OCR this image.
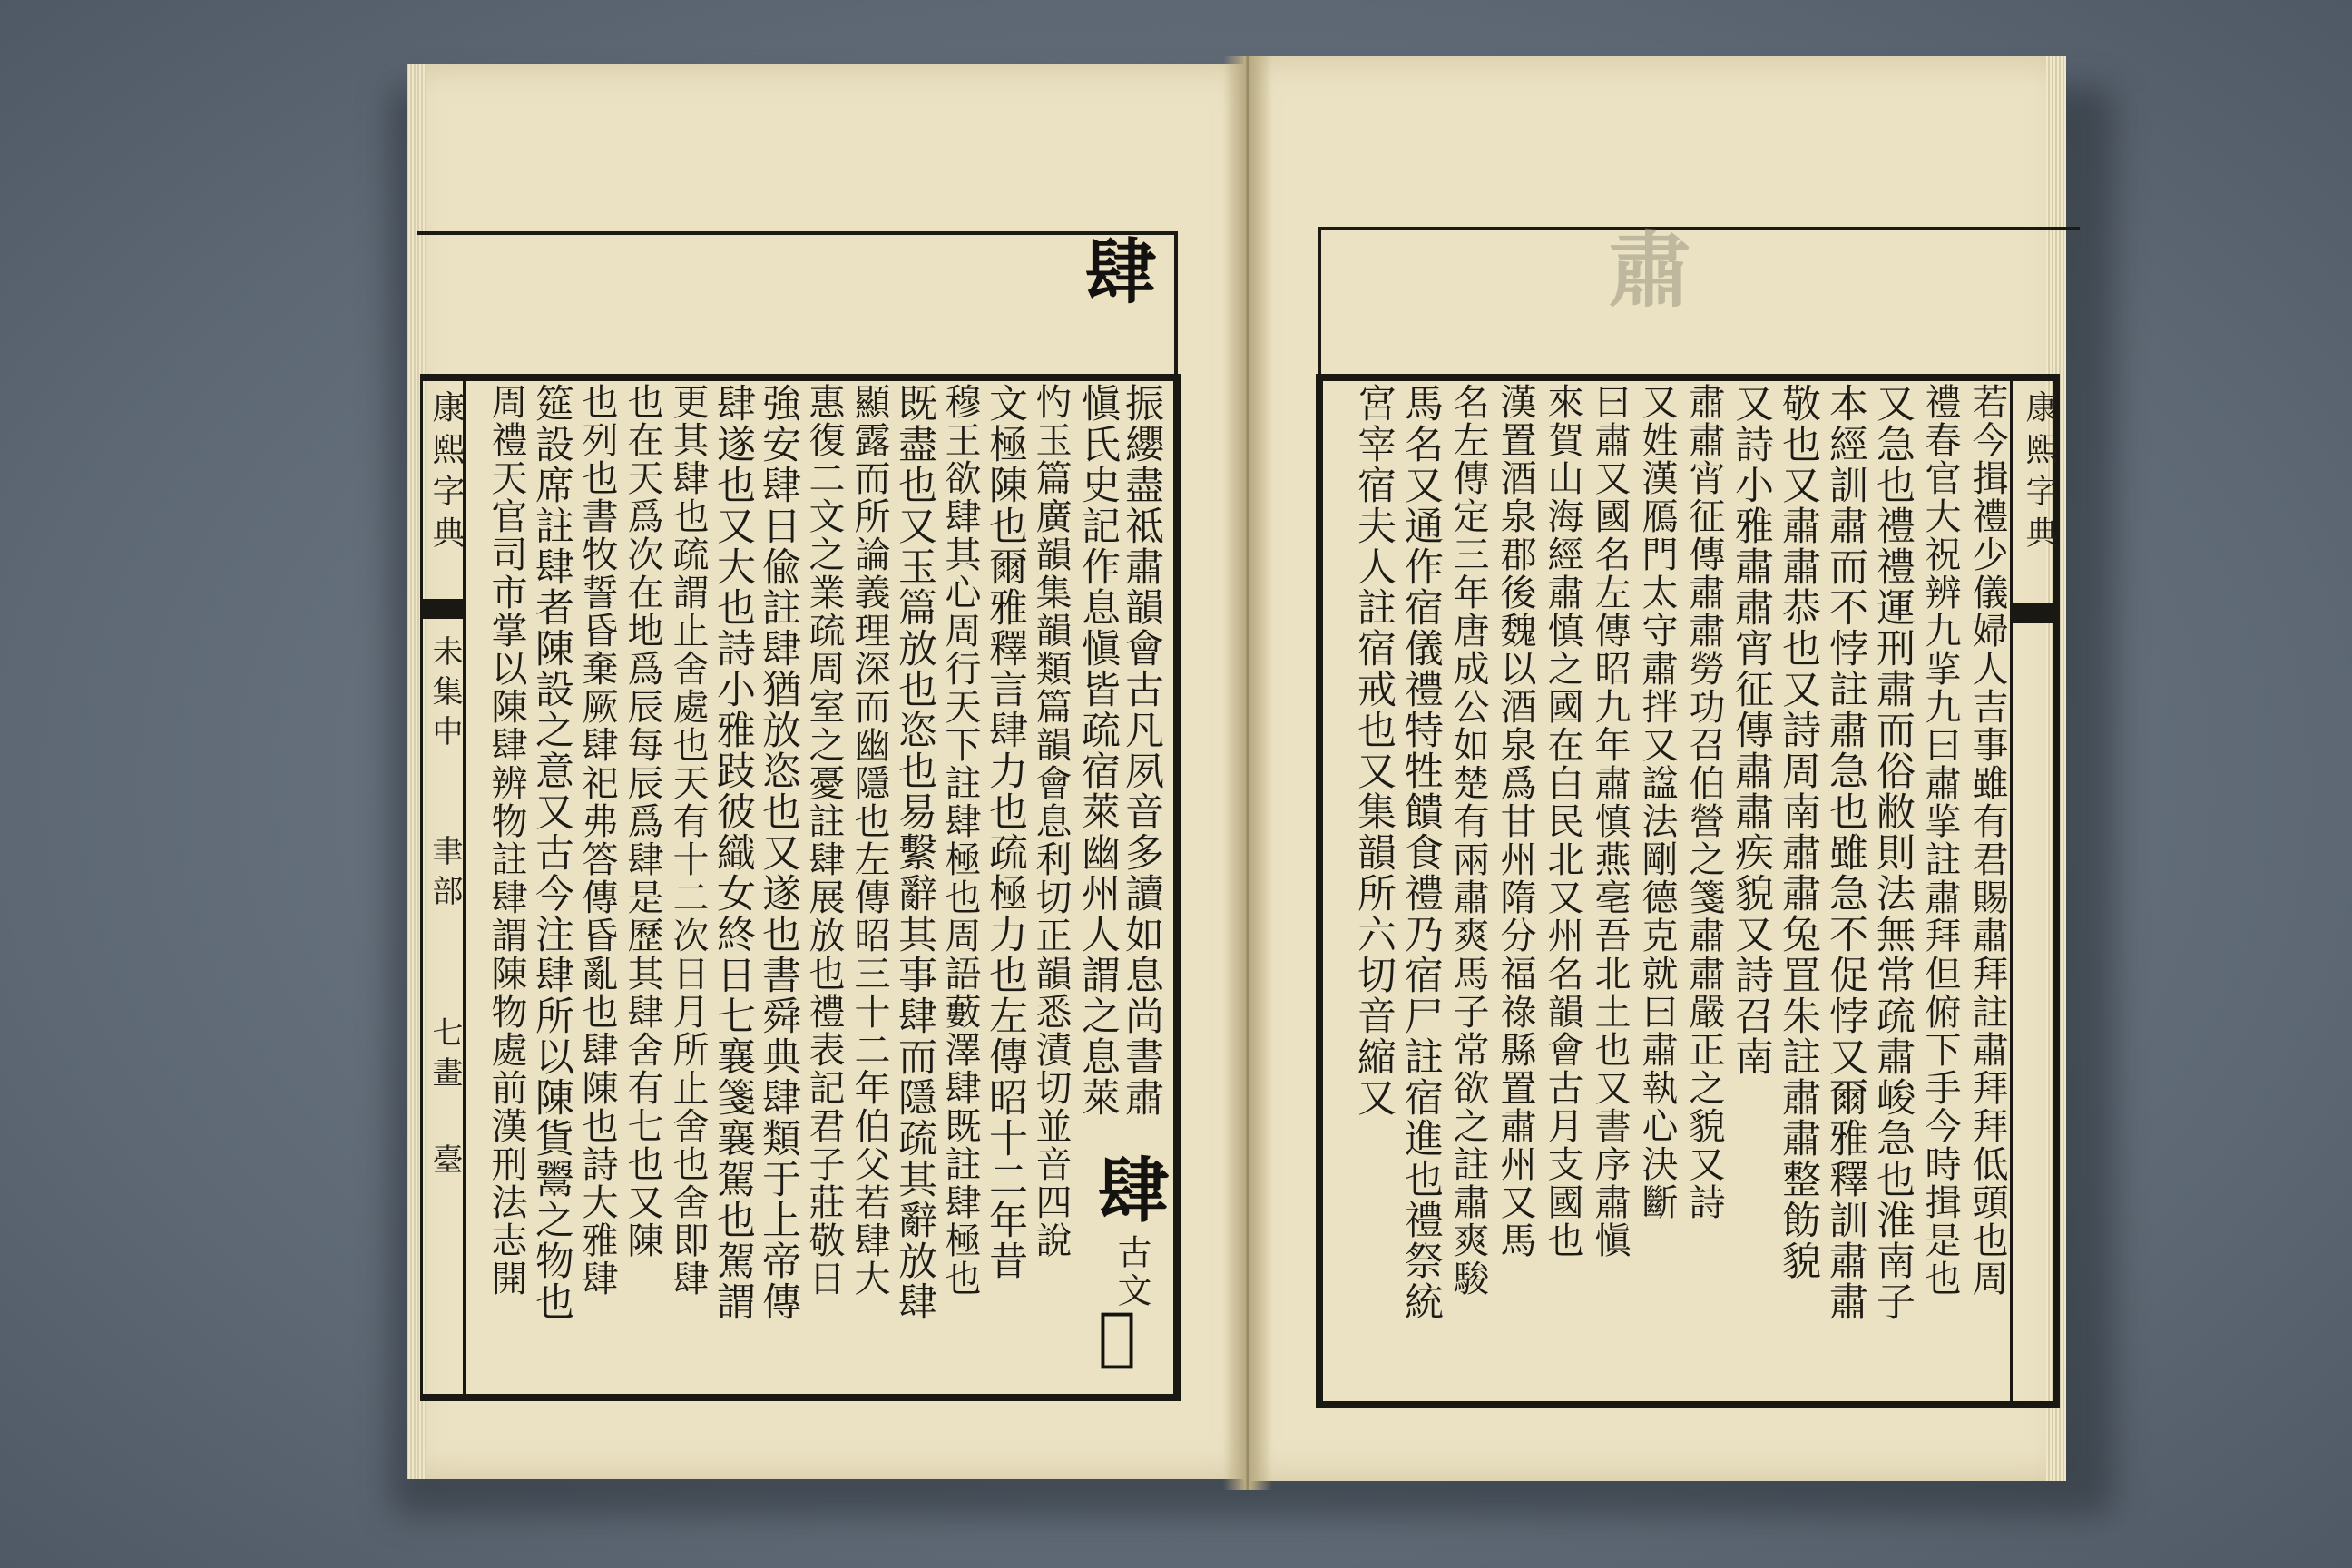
肆	肅
康熙字典
未集中
聿部
七畫
臺
振纓盡祗肅韻會古凡夙音多讀如息尚書肅
愼氏史記作息愼皆疏宿萊幽州人謂之息萊
肆
古文
𨽾
㣿玉篇廣韻集韻類篇韻會息利切正韻悉漬切並音四說
文極陳也爾雅釋言肆力也疏極力也左傳昭十二年昔
穆王欲肆其心周行天下註肆極也周語藪澤肆既註肆極也
既盡也又玉篇放也恣也易繫辭其事肆而隱疏其辭放肆
顯露而所論義理深而幽隱也左傳昭三十二年伯父若肆大
惠復二文之業疏周室之憂註肆展放也禮表記君子莊敬日
強安肆日偸註肆猶放恣也又遂也書舜典肆類于上帝傳
肆遂也又大也詩小雅跂彼織女終日七襄箋襄駕也駕謂
更其肆也疏謂止舍處也天有十二次日月所止舍也舍即肆
也在天爲次在地爲辰每辰爲肆是歷其肆舍有七也又陳
也列也書牧誓昏棄厥肆祀弗答傳昏亂也肆陳也詩大雅肆
筵設席註肆者陳設之意又古今注肆所以陳貨鬻之物也
周禮天官司市掌以陳肆辨物註肆謂陳物處前漢刑法志開	康熙字典
若今揖禮少儀婦人吉事雖有君賜肅拜註肅拜拜低頭也周
禮春官大祝辨九㧛九曰肅㧛註肅拜但俯下手今時揖是也
又急也禮禮運刑肅而俗敝則法無常疏肅峻急也淮南子
本經訓肅而不悖註肅急也雖急不促悖又爾雅釋訓肅肅
敬也又肅肅恭也又詩周南肅肅兔罝朱註肅肅整飭貌
又詩小雅肅肅宵征傳肅肅疾貌又詩召南
肅肅宵征傳肅肅勞功召伯營之箋肅肅嚴正之貌又詩
又姓漢鴈門太守肅拌又諡法剛德克就曰肅執心決斷
曰肅又國名左傳昭九年肅慎燕亳吾北土也又書序肅愼
來賀山海經肅慎之國在白民北又州名韻會古月支國也
漢置酒泉郡後魏以酒泉爲甘州隋分福祿縣置肅州又馬
名左傳定三年唐成公如楚有兩肅爽馬子常欲之註肅爽駿
馬名又通作宿儀禮特牲饋食禮乃宿尸註宿進也禮祭統
宮宰宿夫人註宿戒也又集韻所六切音縮又
